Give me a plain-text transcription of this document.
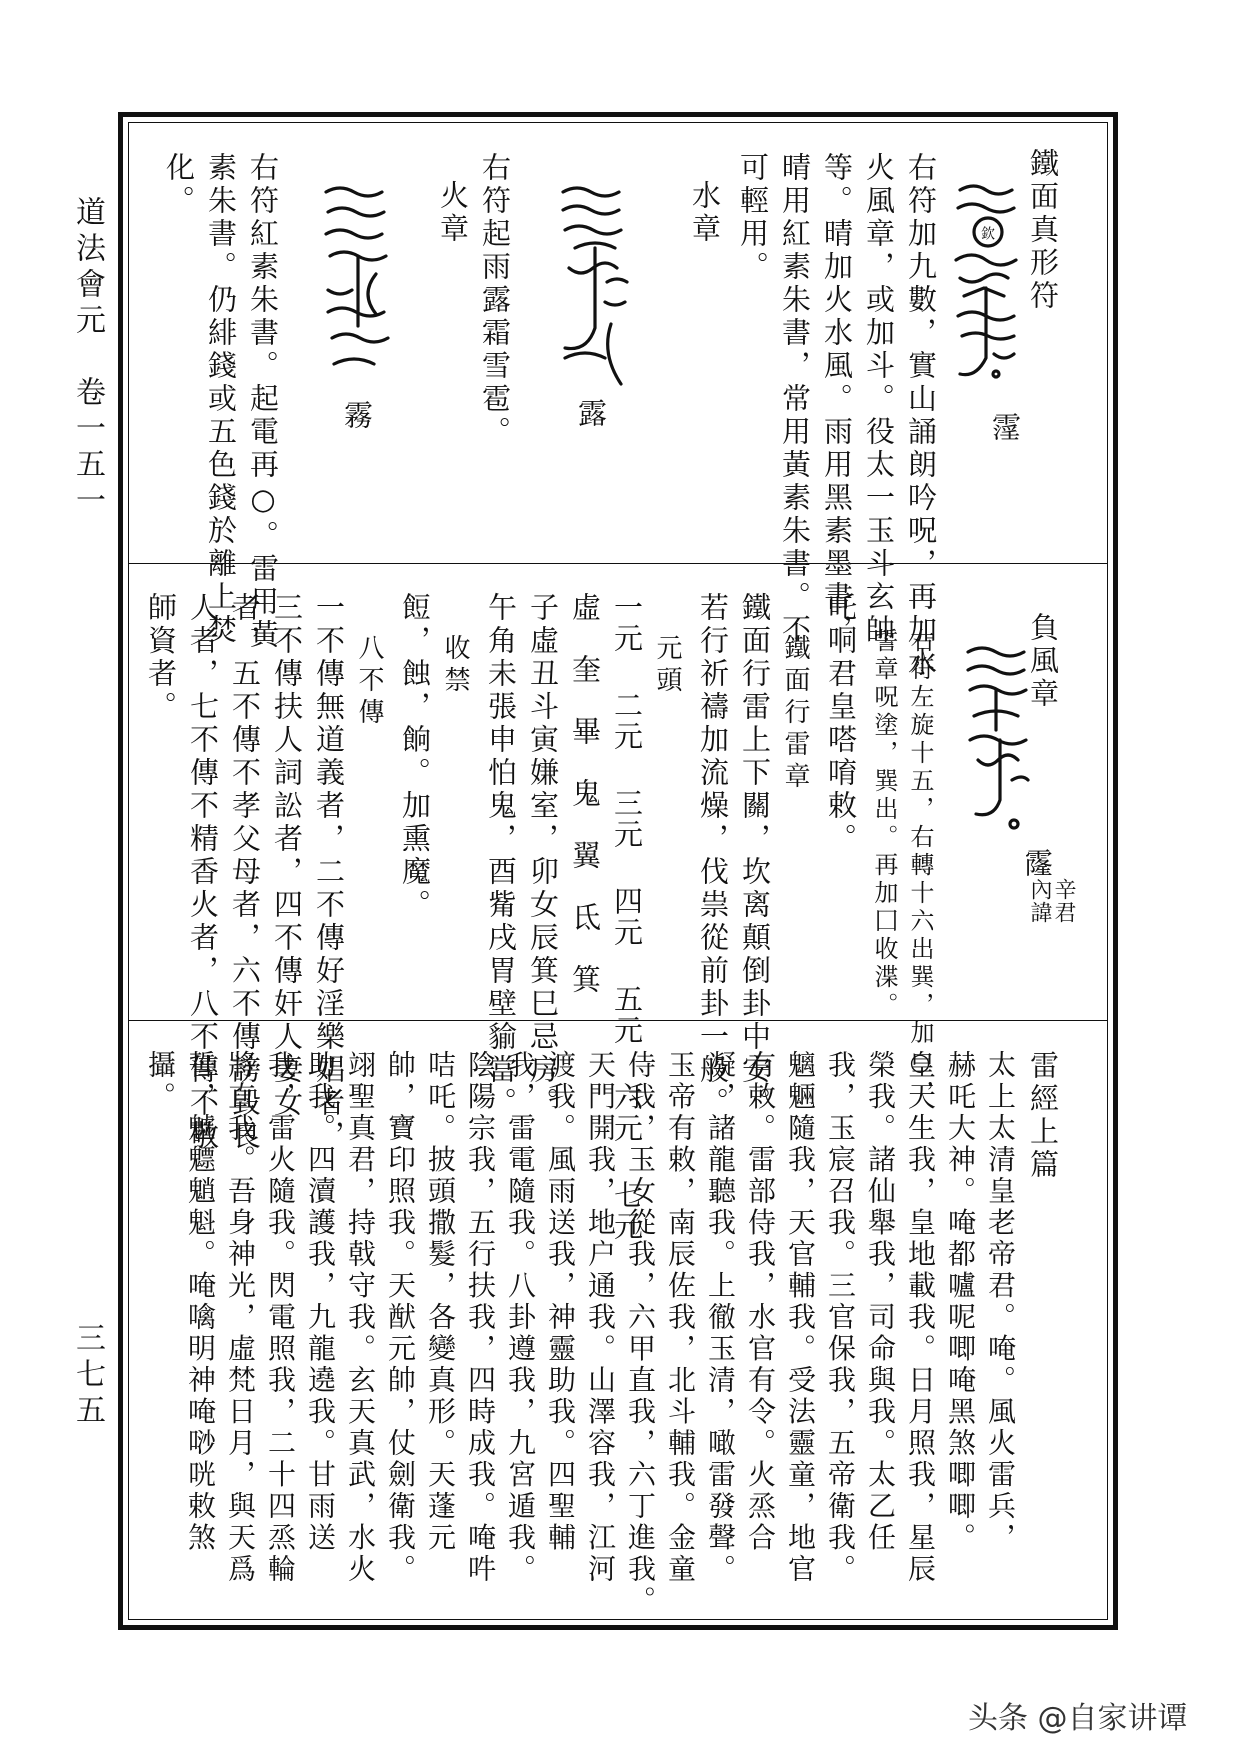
道法會元　卷一五一
三七五
鐵面真形符
欽
霪
右符加九數，實山誦朗吟呪，再加水
火風章，或加斗。役太一玉斗玄帥
等。晴加火水風。雨用黑素墨書，
晴用紅素朱書，常用黃素朱書。不
可輕用。
水章
露
右符起雨露霜雪雹。
火章
霧
右符紅素朱書。起電再○。雷用黃
素朱書。仍緋錢或五色錢於離上焚
化。
負風章
霳
辛君
內諱
右符左旋十五，右轉十六出巽，加○，
誓章呪塗，巽出。再加囗收渫。
吒哃君皇嗒唷敕。
鐵面行雷章
鐵面行雷上下關，坎离顛倒卦中安。
若行祈禱加流燥，伐祟從前卦一般。
元頭
一元 二元 三元 四元 五元 六元 七元
虛　奎　畢　鬼　翼　氐　箕
子虛丑斗寅嫌室，卯女辰箕巳忌房。
午角未張申怕鬼，酉觜戌胃壁貐當。
收禁
餖，蝕，餉。加熏魔。
八不傳
一不傳無道義者，二不傳好淫樂娼者，
三不傳扶人詞訟者，四不傳奸人妻女
者，五不傳不孝父母者，六不傳謗毀良
人者，七不傳不精香火者，八不傳不敬
師資者。
雷經上篇
太上太清皇老帝君。唵。風火雷兵，
赫吒大神。唵都嚧呢唧唵黑煞唧唧。
皇天生我，皇地載我。日月照我，星辰
榮我。諸仙舉我，司命與我。太乙任
我，玉宸召我。三官保我，五帝衛我。
魑魎隨我，天官輔我。受法靈童，地官
有敕。雷部侍我，水官有令。火烝合
凝，諸龍聽我。上徹玉清，噉雷發聲。
玉帝有敕，南辰佐我，北斗輔我。金童
侍我，玉女從我，六甲直我，六丁進我。
天門開我，地户通我。山澤容我，江河
渡我。風雨送我，神靈助我。四聖輔
我，雷電隨我。八卦遵我，九宮遁我。
陰陽宗我，五行扶我，四時成我。唵吽
咭吒。披頭撒髮，各變真形。天蓬元
帥，寶印照我。天猷元帥，仗劍衛我。
翊聖真君，持戟守我。玄天真武，水火
助我。四瀆護我，九龍遶我。甘雨送
我，雷火隨我。閃電照我，二十四烝輪
將直我。吾身神光，虛梵日月，與天爲
誓，魖魒魈魁。唵噙明神唵唦咣敕煞
攝。
头条 @自家讲谭
